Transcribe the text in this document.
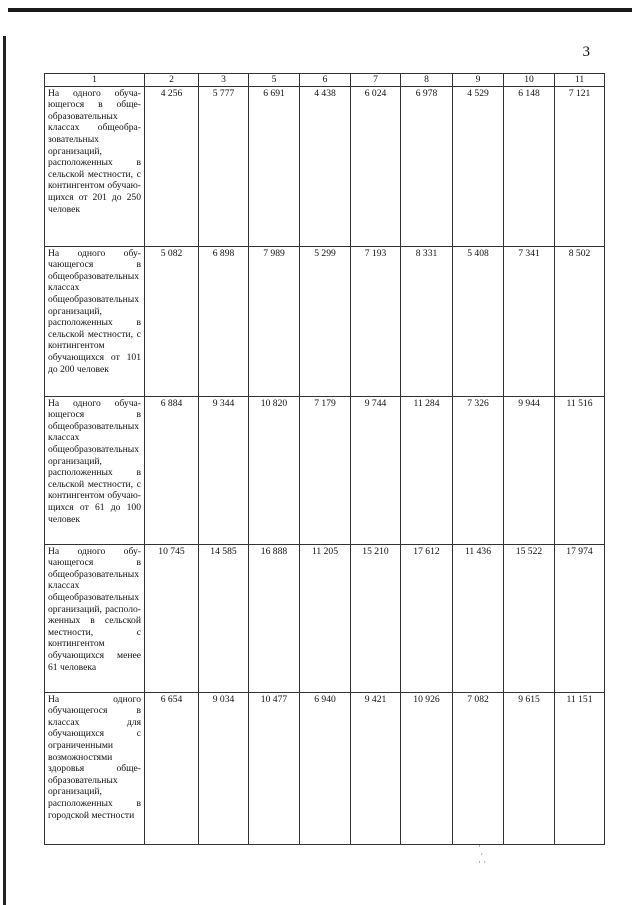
3
1	2	3	5	6	7	8	9	10	11
На одного обучающегося в общеобразовательных классах общеобразовательных организаций, расположенных в сельской местности, с контингентом обучающихся от 201 до 250 человек	4 256	5 777	6 691	4 438	6 024	6 978	4 529	6 148	7 121
На одного обучающегося в общеобразовательных классах общеобразовательных организаций, расположенных в сельской местности, с контингентом обучающихся от 101 до 200 человек	5 082	6 898	7 989	5 299	7 193	8 331	5 408	7 341	8 502
На одного обучающегося в общеобразовательных классах общеобразовательных организаций, расположенных в сельской местности, с контингентом обучающихся от 61 до 100 человек	6 884	9 344	10 820	7 179	9 744	11 284	7 326	9 944	11 516
На одного обучающегося в общеобразовательных классах общеобразовательных организаций, расположенных в сельской местности, с контингентом обучающихся менее 61 человека	10 745	14 585	16 888	11 205	15 210	17 612	11 436	15 522	17 974
На одного обучающегося в классах для обучающихся с ограниченными возможностями здоровья общеобразовательных организаций, расположенных в городской местности	6 654	9 034	10 477	6 940	9 421	10 926	7 082	9 615	11 151
·
·
· ·
